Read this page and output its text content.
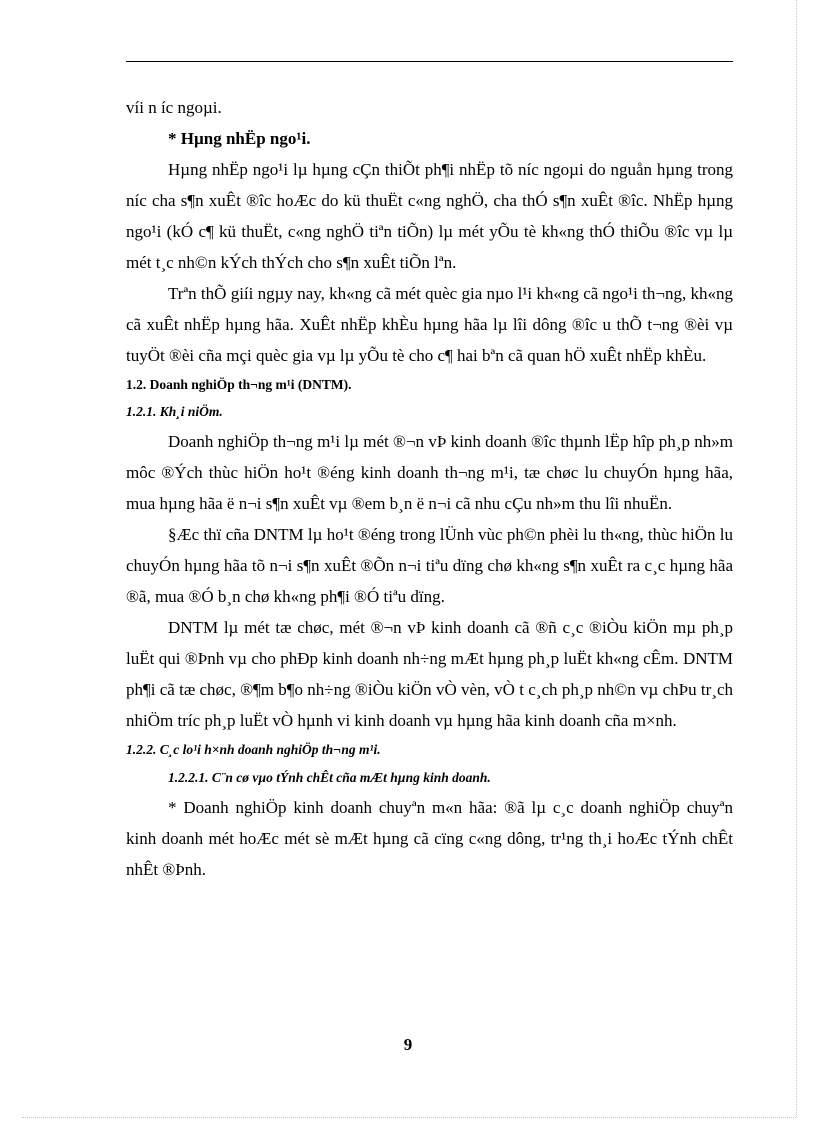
víi n íc ngoµi.

* Hµng nhËp ngo¹i.

Hµng nhËp ngo¹i lµ hµng cÇn thiÕt ph¶i nhËp tõ níc ngoµi do nguån hµng trong níc cha s¶n xuÊt ®îc hoÆc do kü thuËt c«ng nghÖ, cha thÓ s¶n xuÊt ®îc. NhËp hµng ngo¹i (kÓ c¶ kü thuËt, c«ng nghÖ tiªn tiÕn) lµ mét yÕu tè kh«ng thÓ thiÕu ®îc vµ lµ mét t¸c nh©n kÝch thÝch cho s¶n xuÊt tiÕn lªn.

Trªn thÕ giíi ngµy nay, kh«ng cã mét quèc gia nµo l¹i kh«ng cã ngo¹i th¬ng, kh«ng cã xuÊt nhËp hµng hãa. XuÊt nhËp khÈu hµng hãa lµ lîi dông ®îc u thÕ t¬ng ®èi vµ tuyÖt ®èi cña mçi quèc gia vµ lµ yÕu tè cho c¶ hai bªn cã quan hÖ xuÊt nhËp khÈu.

1.2. Doanh nghiÖp th¬ng m¹i (DNTM).

1.2.1. Kh¸i niÖm.

Doanh nghiÖp th¬ng m¹i lµ mét ®¬n vÞ kinh doanh ®îc thµnh lËp hîp ph¸p nh»m môc ®Ých thùc hiÖn ho¹t ®éng kinh doanh th¬ng m¹i, tæ chøc lu chuyÓn hµng hãa, mua hµng hãa ë n¬i s¶n xuÊt vµ ®em b¸n ë n¬i cã nhu cÇu nh»m thu lîi nhuËn.

§Æc thï cña DNTM lµ ho¹t ®éng trong lÜnh vùc ph©n phèi lu th«ng, thùc hiÖn lu chuyÓn hµng hãa tõ n¬i s¶n xuÊt ®Õn n¬i tiªu dïng chø kh«ng s¶n xuÊt ra c¸c hµng hãa ®ã, mua ®Ó b¸n chø kh«ng ph¶i ®Ó tiªu dïng.

DNTM lµ mét tæ chøc, mét ®¬n vÞ kinh doanh cã ®ñ c¸c ®iÒu kiÖn mµ ph¸p luËt qui ®Þnh vµ cho phÐp kinh doanh nh÷ng mÆt hµng ph¸p luËt kh«ng cÊm. DNTM ph¶i cã tæ chøc, ®¶m b¶o nh÷ng ®iÒu kiÖn vÒ vèn, vÒ t c¸ch ph¸p nh©n vµ chÞu tr¸ch nhiÖm tríc ph¸p luËt vÒ hµnh vi kinh doanh vµ hµng hãa kinh doanh cña m×nh.

1.2.2. C¸c lo¹i h×nh doanh nghiÖp th¬ng m¹i.

1.2.2.1. C¨n cø vµo tÝnh chÊt cña mÆt hµng kinh doanh.

* Doanh nghiÖp kinh doanh chuyªn m«n hãa: ®ã lµ c¸c doanh nghiÖp chuyªn kinh doanh mét hoÆc mét sè mÆt hµng cã cïng c«ng dông, tr¹ng th¸i hoÆc tÝnh chÊt nhÊt ®Þnh.

9
